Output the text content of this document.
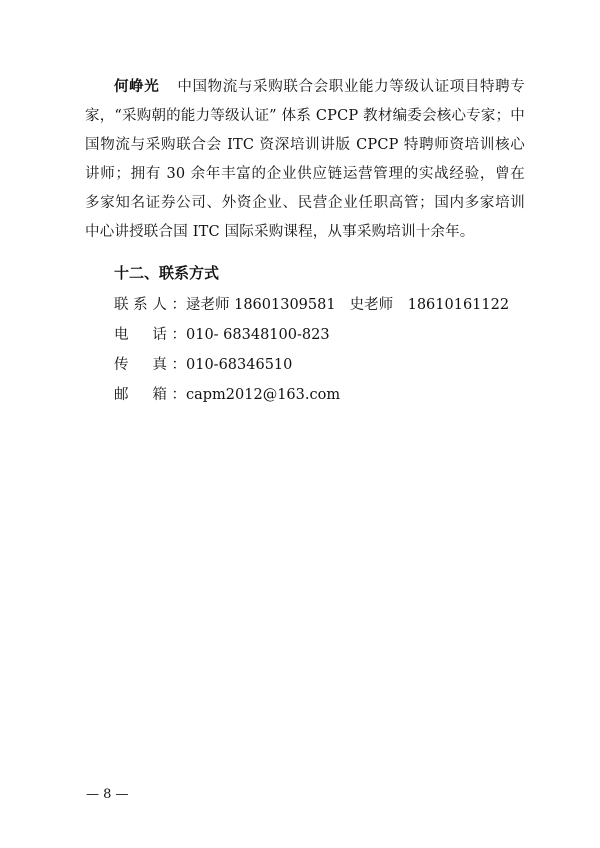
何峥光 中国物流与采购联合会职业能力等级认证项目特聘专家，“采购朝的能力等级认证” 体系 CPCP 教材编委会核心专家；中国物流与采购联合会 ITC 资深培训讲版 CPCP 特聘师资培训核心讲师；拥有 30 余年丰富的企业供应链运营管理的实战经验，曾在多家知名证券公司、外资企业、民营企业任职高管；国内多家培训中心讲授联合国 ITC 国际采购课程，从事采购培训十余年。

十二、联系方式
联系人：逯老师 18601309581 史老师　18610161122
电　话：010- 68348100-823
传　真：010-68346510
邮　箱：capm2012@163.com
— 8 —
